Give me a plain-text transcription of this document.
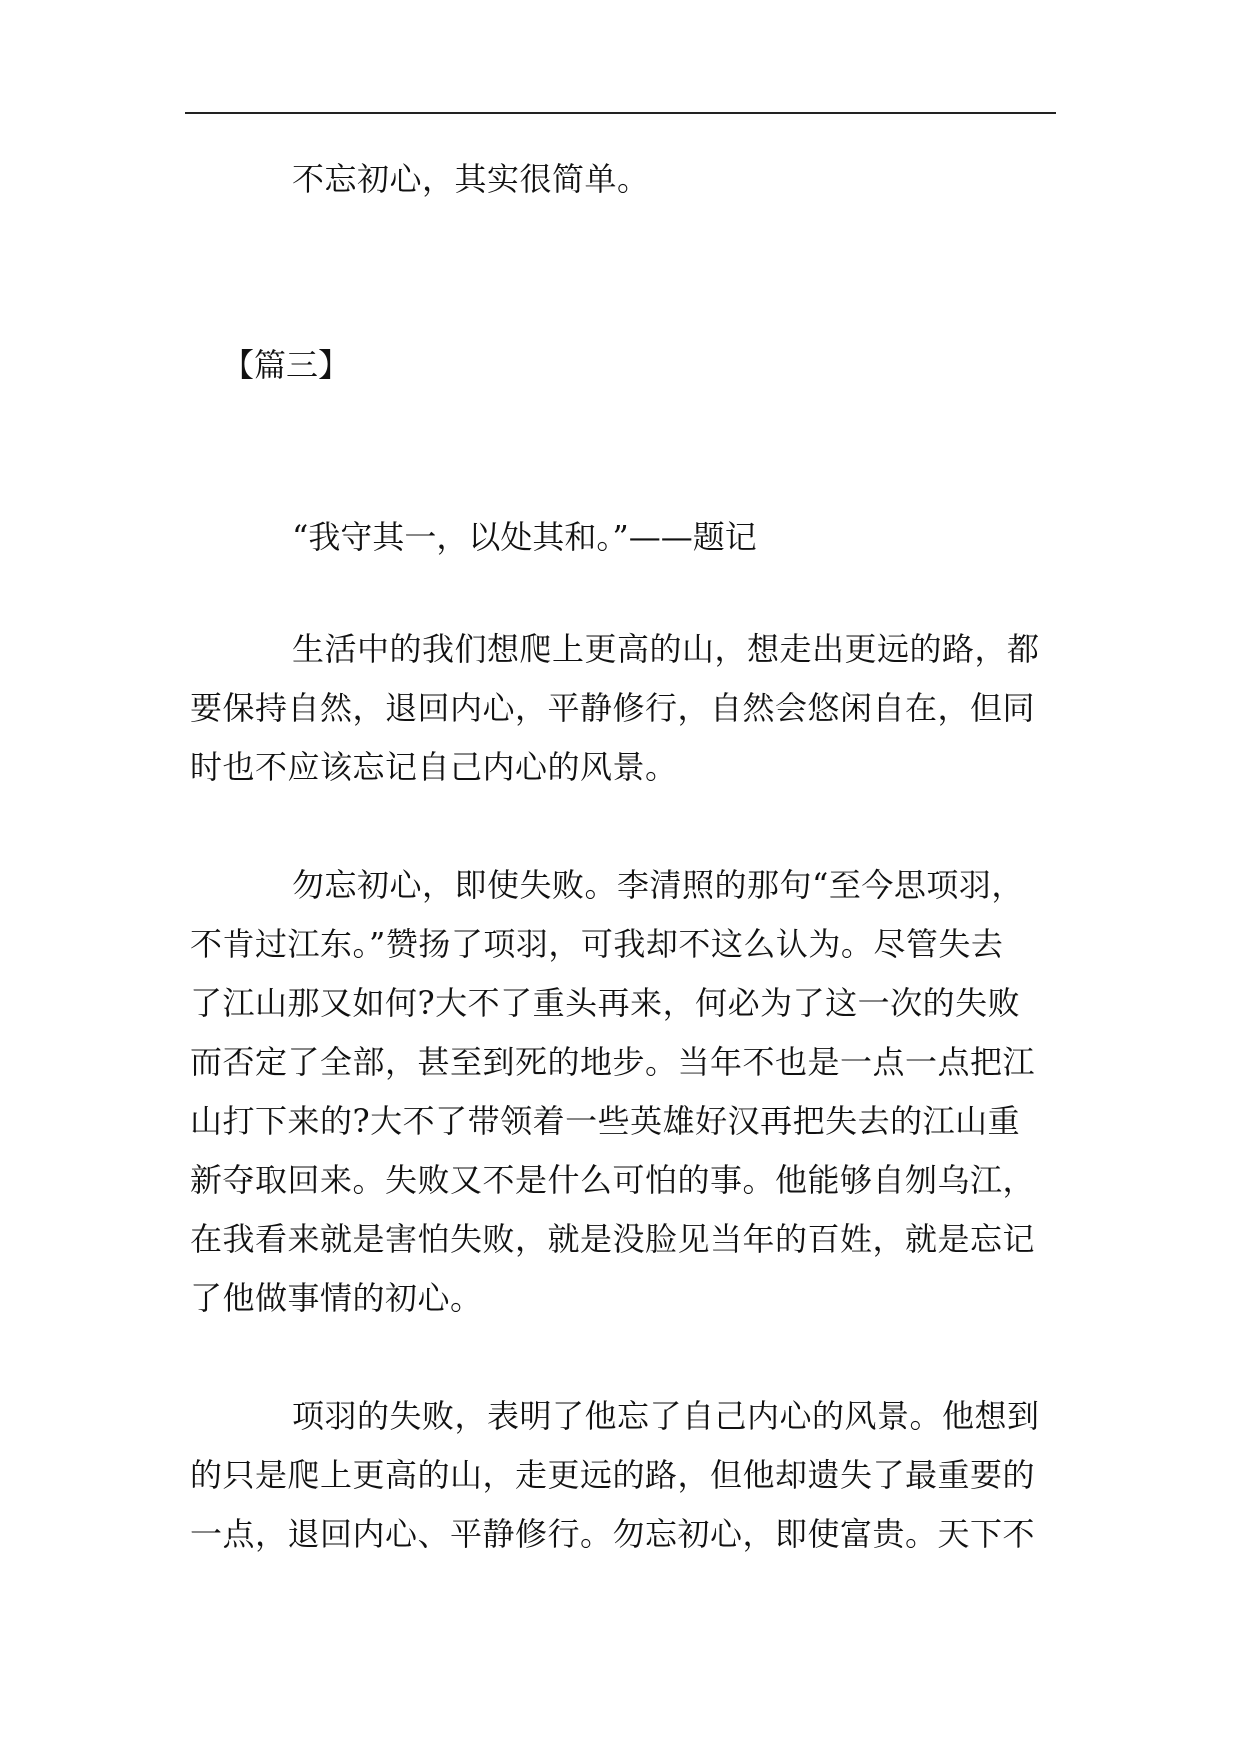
不忘初心，其实很简单。

【篇三】

“我守其一，以处其和。”——题记

生活中的我们想爬上更高的山，想走出更远的路，都
要保持自然，退回内心，平静修行，自然会悠闲自在，但同
时也不应该忘记自己内心的风景。

勿忘初心，即使失败。李清照的那句“至今思项羽，
不肯过江东。”赞扬了项羽，可我却不这么认为。尽管失去
了江山那又如何?大不了重头再来，何必为了这一次的失败
而否定了全部，甚至到死的地步。当年不也是一点一点把江
山打下来的?大不了带领着一些英雄好汉再把失去的江山重
新夺取回来。失败又不是什么可怕的事。他能够自刎乌江，
在我看来就是害怕失败，就是没脸见当年的百姓，就是忘记
了他做事情的初心。

项羽的失败，表明了他忘了自己内心的风景。他想到
的只是爬上更高的山，走更远的路，但他却遗失了最重要的
一点，退回内心、平静修行。勿忘初心，即使富贵。天下不
